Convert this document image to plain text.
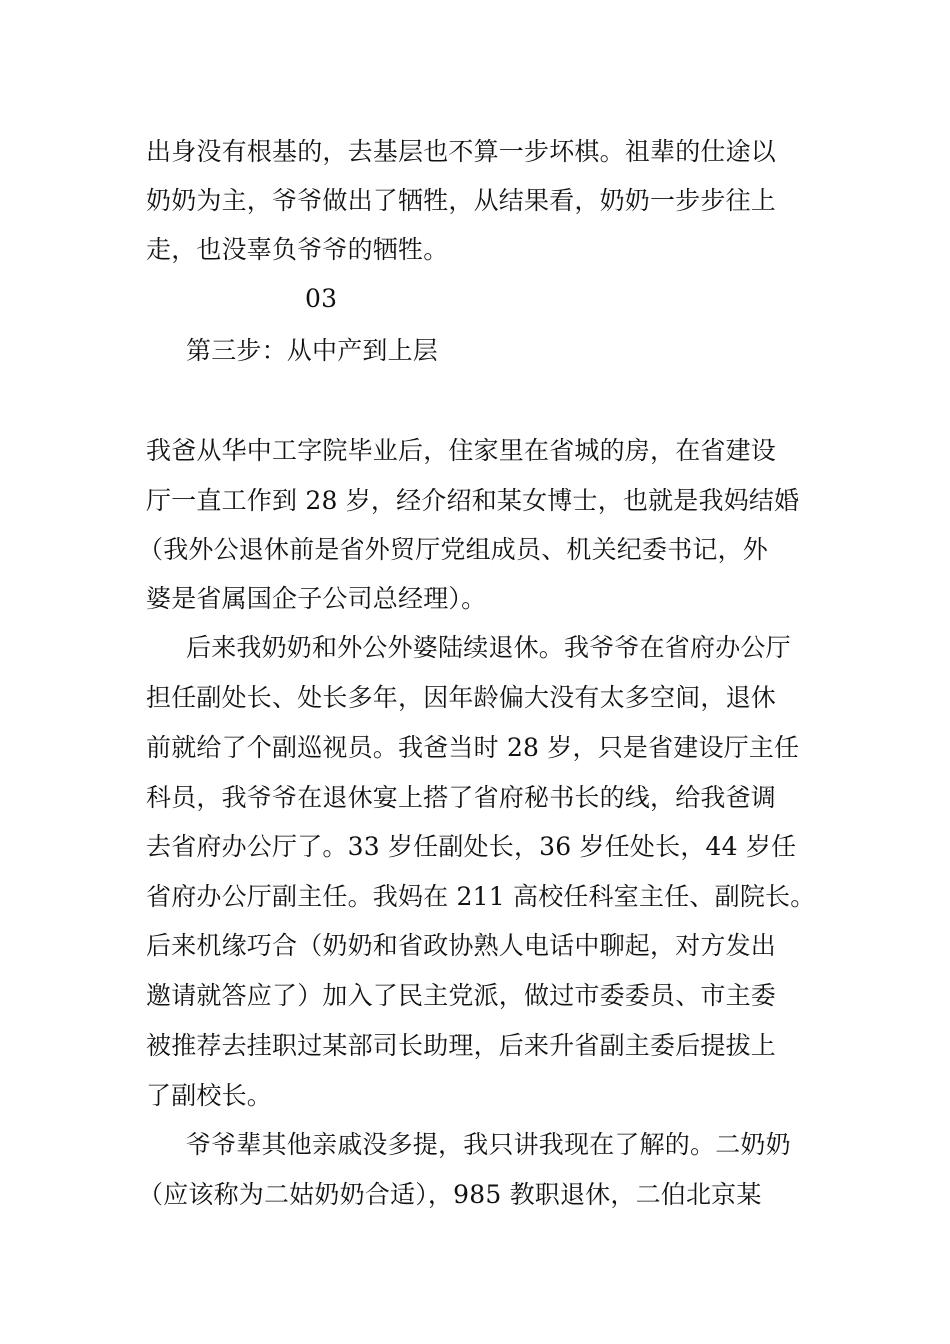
出身没有根基的，去基层也不算一步坏棋。祖辈的仕途以
奶奶为主，爷爷做出了牺牲，从结果看，奶奶一步步往上
走，也没辜负爷爷的牺牲。
03
第三步：从中产到上层
我爸从华中工字院毕业后，住家里在省城的房，在省建设
厅一直工作到 28 岁，经介绍和某女博士，也就是我妈结婚
（我外公退休前是省外贸厅党组成员、机关纪委书记，外
婆是省属国企子公司总经理）。
后来我奶奶和外公外婆陆续退休。我爷爷在省府办公厅
担任副处长、处长多年，因年龄偏大没有太多空间，退休
前就给了个副巡视员。我爸当时 28 岁，只是省建设厅主任
科员，我爷爷在退休宴上搭了省府秘书长的线，给我爸调
去省府办公厅了。33 岁任副处长，36 岁任处长，44 岁任
省府办公厅副主任。我妈在 211 高校任科室主任、副院长。
后来机缘巧合（奶奶和省政协熟人电话中聊起，对方发出
邀请就答应了）加入了民主党派，做过市委委员、市主委
被推荐去挂职过某部司长助理，后来升省副主委后提拔上
了副校长。
爷爷辈其他亲戚没多提，我只讲我现在了解的。二奶奶
（应该称为二姑奶奶合适），985 教职退休，二伯北京某
